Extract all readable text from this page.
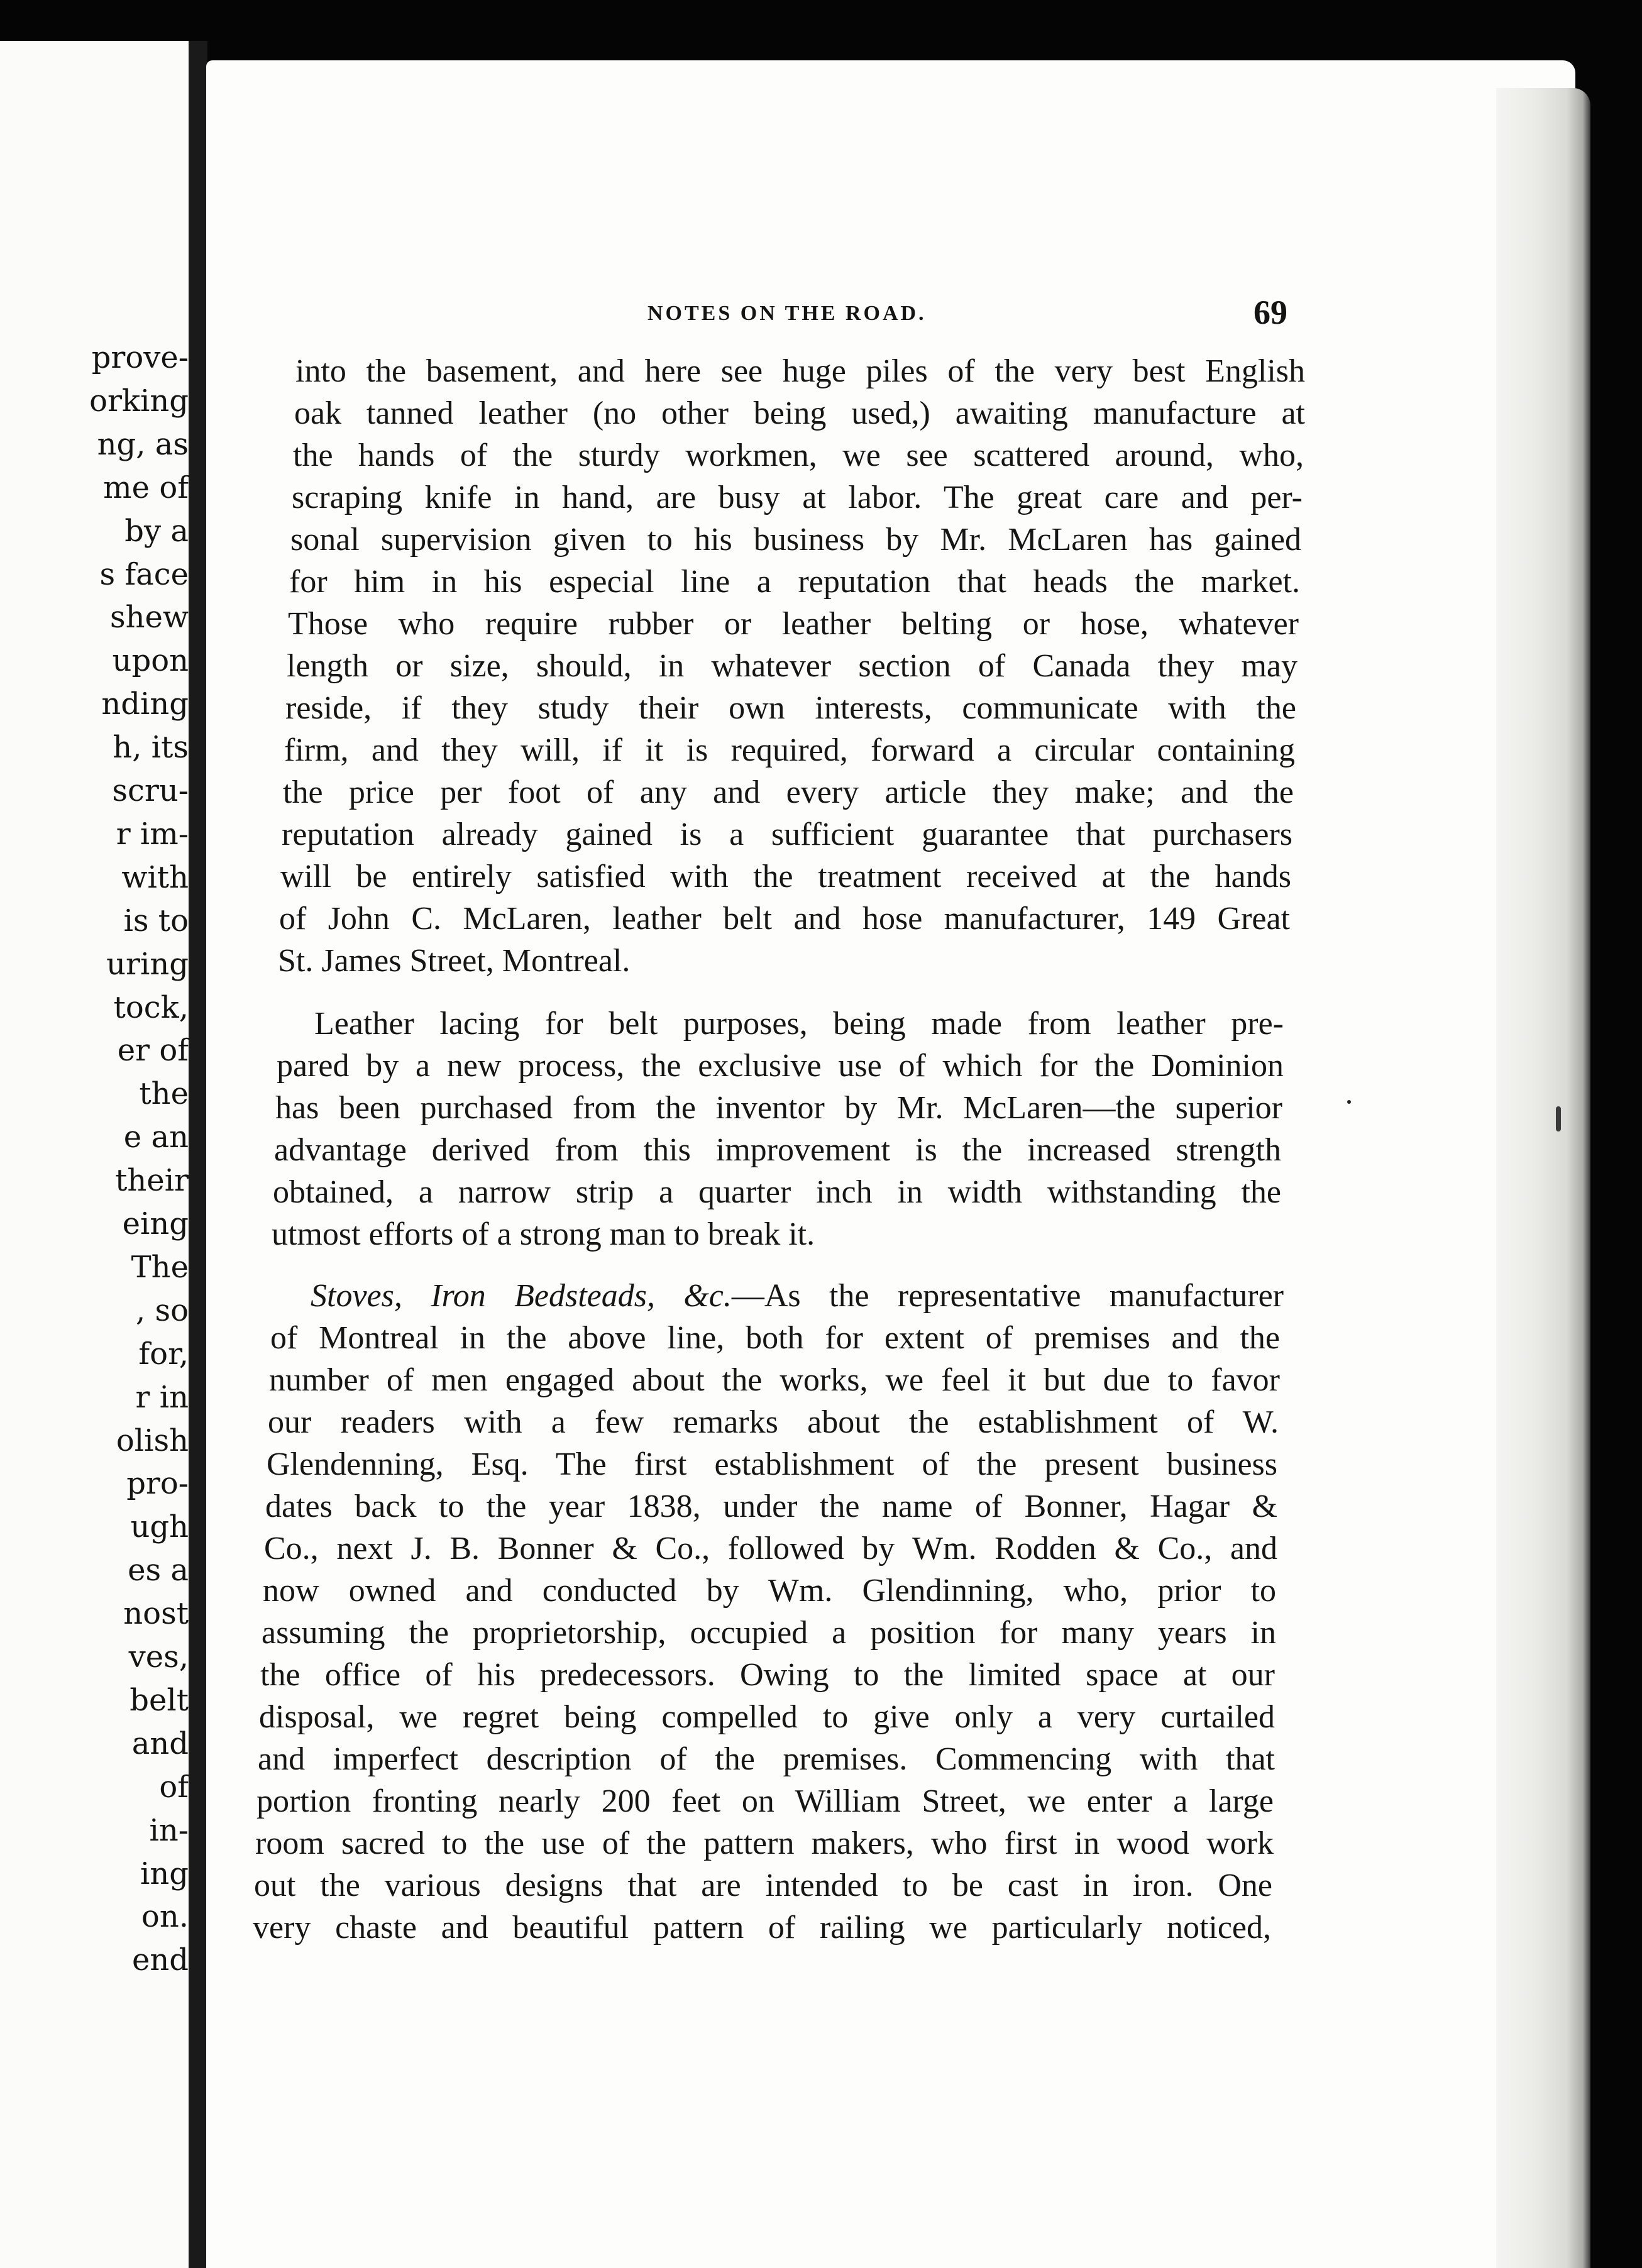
prove-
orking
ng, as
me of
by a
s face
shew
upon
nding
h, its
scru-
r im-
with
is to
uring
tock,
er of
the
e an
their
eing
The
, so
for,
r in
olish
pro-
ugh
es a
nost
ves,
belt
and
of
in-
ing
on.
end
NOTES ON THE ROAD.	69
into the basement, and here see huge piles of the very best English
oak tanned leather (no other being used,) awaiting manufacture at
the hands of the sturdy workmen, we see scattered around, who,
scraping knife in hand, are busy at labor. The great care and per-
sonal supervision given to his business by Mr. McLaren has gained
for him in his especial line a reputation that heads the market.
Those who require rubber or leather belting or hose, whatever
length or size, should, in whatever section of Canada they may
reside, if they study their own interests, communicate with the
firm, and they will, if it is required, forward a circular containing
the price per foot of any and every article they make; and the
reputation already gained is a sufficient guarantee that purchasers
will be entirely satisfied with the treatment received at the hands
of John C. McLaren, leather belt and hose manufacturer, 149 Great
St. James Street, Montreal.
Leather lacing for belt purposes, being made from leather pre-
pared by a new process, the exclusive use of which for the Dominion
has been purchased from the inventor by Mr. McLaren—the superior
advantage derived from this improvement is the increased strength
obtained, a narrow strip a quarter inch in width withstanding the
utmost efforts of a strong man to break it.
Stoves, Iron Bedsteads, &c.—As the representative manufacturer
of Montreal in the above line, both for extent of premises and the
number of men engaged about the works, we feel it but due to favor
our readers with a few remarks about the establishment of W.
Glendenning, Esq. The first establishment of the present business
dates back to the year 1838, under the name of Bonner, Hagar &
Co., next J. B. Bonner & Co., followed by Wm. Rodden & Co., and
now owned and conducted by Wm. Glendinning, who, prior to
assuming the proprietorship, occupied a position for many years in
the office of his predecessors. Owing to the limited space at our
disposal, we regret being compelled to give only a very curtailed
and imperfect description of the premises. Commencing with that
portion fronting nearly 200 feet on William Street, we enter a large
room sacred to the use of the pattern makers, who first in wood work
out the various designs that are intended to be cast in iron. One
very chaste and beautiful pattern of railing we particularly noticed,
